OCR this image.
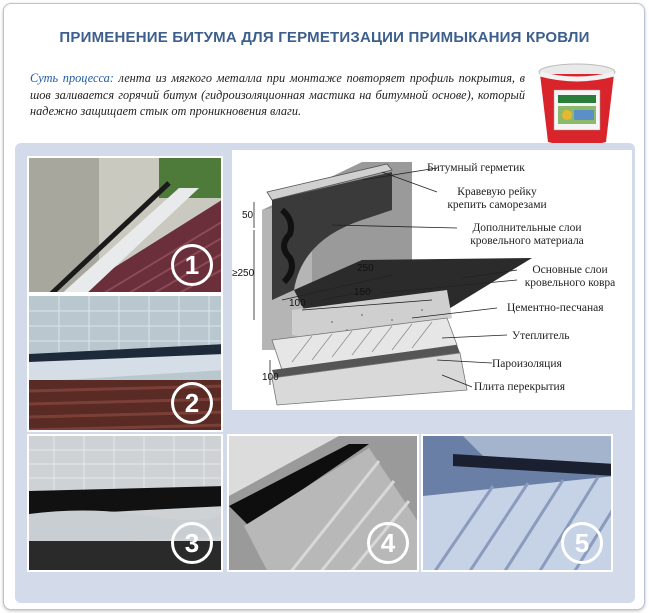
ПРИМЕНЕНИЕ БИТУМА ДЛЯ ГЕРМЕТИЗАЦИИ ПРИМЫКАНИЯ КРОВЛИ
Суть процесса: лента из мягкого металла при монтаже повторяет профиль покрытия, в шов заливается горячий битум (гидроизоляционная мастика на битумной основе), который надежно защищает стык от проникновения влаги.
1
2
3	4	5
Битумный герметик
Кравевую рейку крепить саморезами
Дополнительные слои кровельного материала
Основные слои кровельного ковра
Цементно-песчаная
Утеплитель
Пароизоляция
Плита перекрытия
50
≥250	250
150
100
100
